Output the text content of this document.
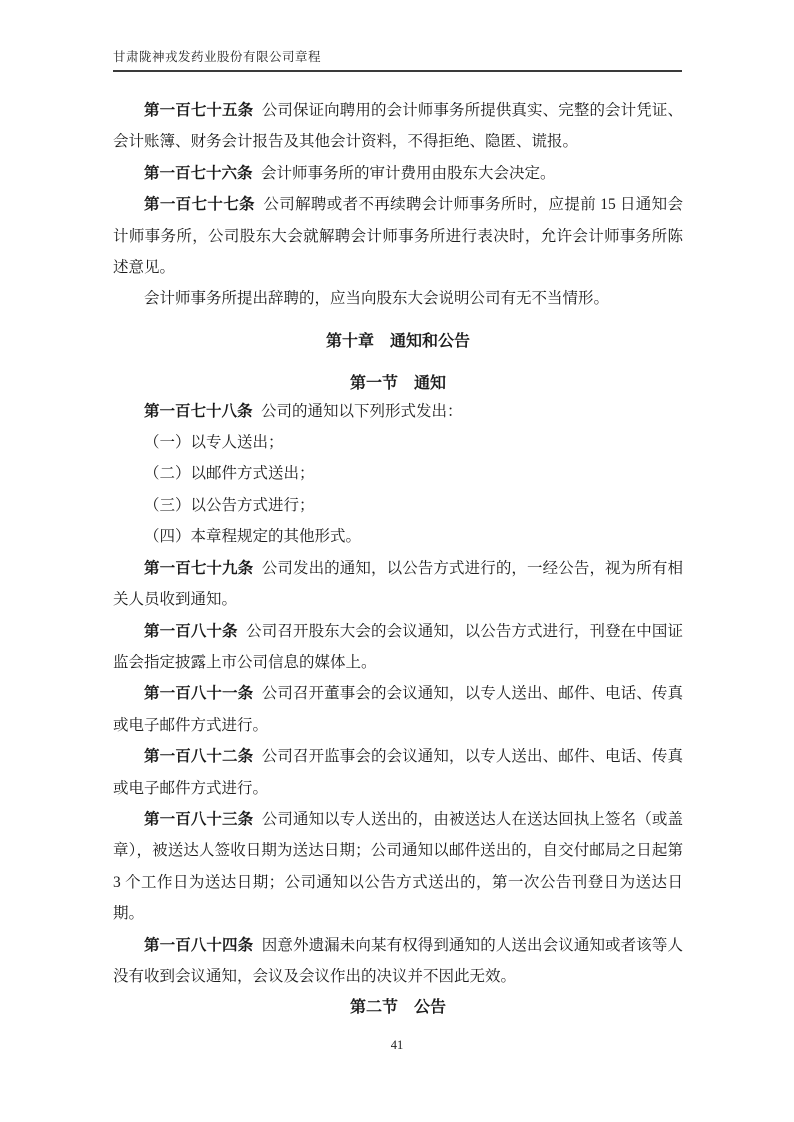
甘肃陇神戎发药业股份有限公司章程

第一百七十五条 公司保证向聘用的会计师事务所提供真实、完整的会计凭证、会计账簿、财务会计报告及其他会计资料，不得拒绝、隐匿、谎报。

第一百七十六条 会计师事务所的审计费用由股东大会决定。

第一百七十七条 公司解聘或者不再续聘会计师事务所时，应提前 15 日通知会计师事务所，公司股东大会就解聘会计师事务所进行表决时，允许会计师事务所陈述意见。

会计师事务所提出辞聘的，应当向股东大会说明公司有无不当情形。

第十章　通知和公告
第一节　通知

第一百七十八条 公司的通知以下列形式发出：

（一）以专人送出；

（二）以邮件方式送出；

（三）以公告方式进行；

（四）本章程规定的其他形式。

第一百七十九条 公司发出的通知，以公告方式进行的，一经公告，视为所有相关人员收到通知。

第一百八十条 公司召开股东大会的会议通知，以公告方式进行，刊登在中国证监会指定披露上市公司信息的媒体上。

第一百八十一条 公司召开董事会的会议通知，以专人送出、邮件、电话、传真或电子邮件方式进行。

第一百八十二条 公司召开监事会的会议通知，以专人送出、邮件、电话、传真或电子邮件方式进行。

第一百八十三条 公司通知以专人送出的，由被送达人在送达回执上签名（或盖章），被送达人签收日期为送达日期；公司通知以邮件送出的，自交付邮局之日起第 3 个工作日为送达日期；公司通知以公告方式送出的，第一次公告刊登日为送达日期。

第一百八十四条 因意外遗漏未向某有权得到通知的人送出会议通知或者该等人没有收到会议通知，会议及会议作出的决议并不因此无效。

第二节　公告
41
